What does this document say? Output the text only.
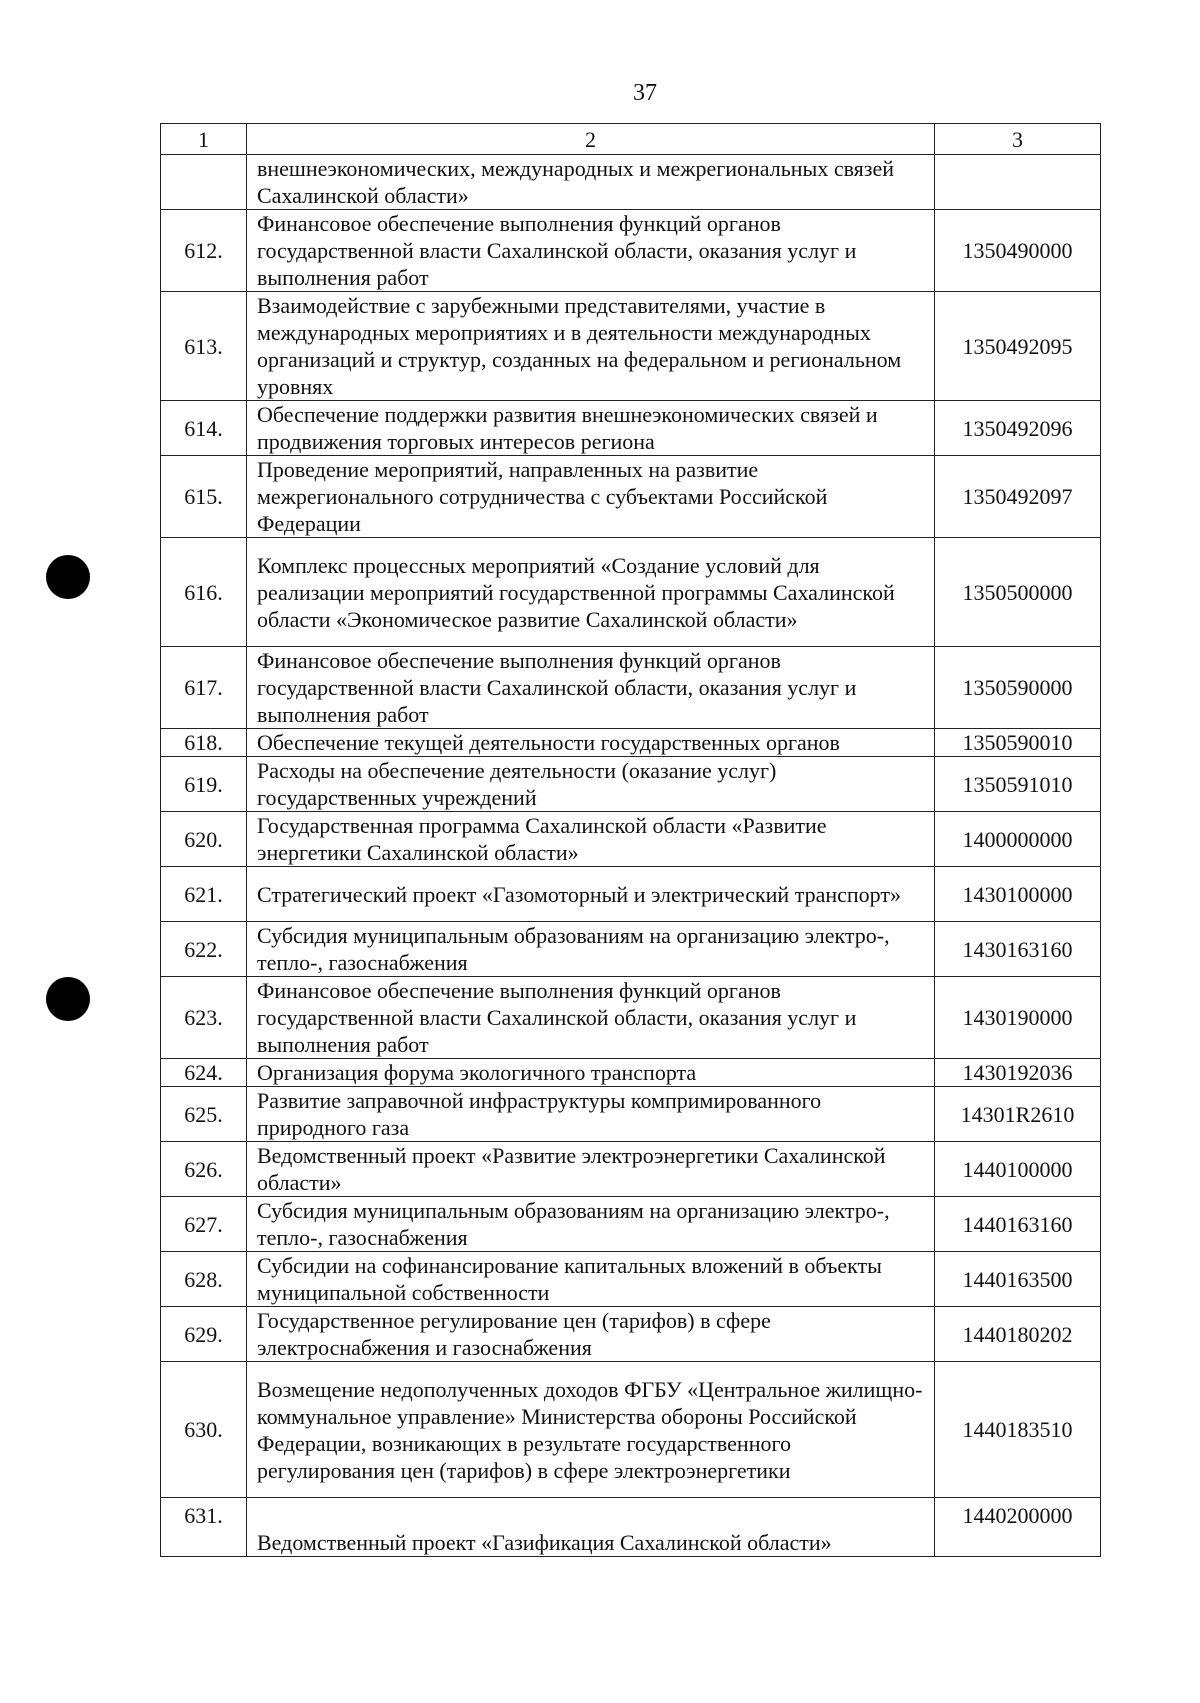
37
1	2	3
	внешнеэкономических, международных и межрегиональных связей Сахалинской области»	
612.	Финансовое обеспечение выполнения функций органов государственной власти Сахалинской области, оказания услуг и выполнения работ	1350490000
613.	Взаимодействие с зарубежными представителями, участие в международных мероприятиях и в деятельности международных организаций и структур, созданных на федеральном и региональном уровнях	1350492095
614.	Обеспечение поддержки развития внешнеэкономических связей и продвижения торговых интересов региона	1350492096
615.	Проведение мероприятий, направленных на развитие межрегионального сотрудничества с субъектами Российской Федерации	1350492097
616.	Комплекс процессных мероприятий «Создание условий для реализации мероприятий государственной программы Сахалинской области «Экономическое развитие Сахалинской области»	1350500000
617.	Финансовое обеспечение выполнения функций органов государственной власти Сахалинской области, оказания услуг и выполнения работ	1350590000
618.	Обеспечение текущей деятельности государственных органов	1350590010
619.	Расходы на обеспечение деятельности (оказание услуг) государственных учреждений	1350591010
620.	Государственная программа Сахалинской области «Развитие энергетики Сахалинской области»	1400000000
621.	Стратегический проект «Газомоторный и электрический транспорт»	1430100000
622.	Субсидия муниципальным образованиям на организацию электро-, тепло-, газоснабжения	1430163160
623.	Финансовое обеспечение выполнения функций органов государственной власти Сахалинской области, оказания услуг и выполнения работ	1430190000
624.	Организация форума экологичного транспорта	1430192036
625.	Развитие заправочной инфраструктуры компримированного природного газа	14301R2610
626.	Ведомственный проект «Развитие электроэнергетики Сахалинской области»	1440100000
627.	Субсидия муниципальным образованиям на организацию электро-, тепло-, газоснабжения	1440163160
628.	Субсидии на софинансирование капитальных вложений в объекты муниципальной собственности	1440163500
629.	Государственное регулирование цен (тарифов) в сфере электроснабжения и газоснабжения	1440180202
630.	Возмещение недополученных доходов ФГБУ «Центральное жилищно-коммунальное управление» Министерства обороны Российской Федерации, возникающих в результате государственного регулирования цен (тарифов) в сфере электроэнергетики	1440183510
631.	Ведомственный проект «Газификация Сахалинской области»	1440200000
